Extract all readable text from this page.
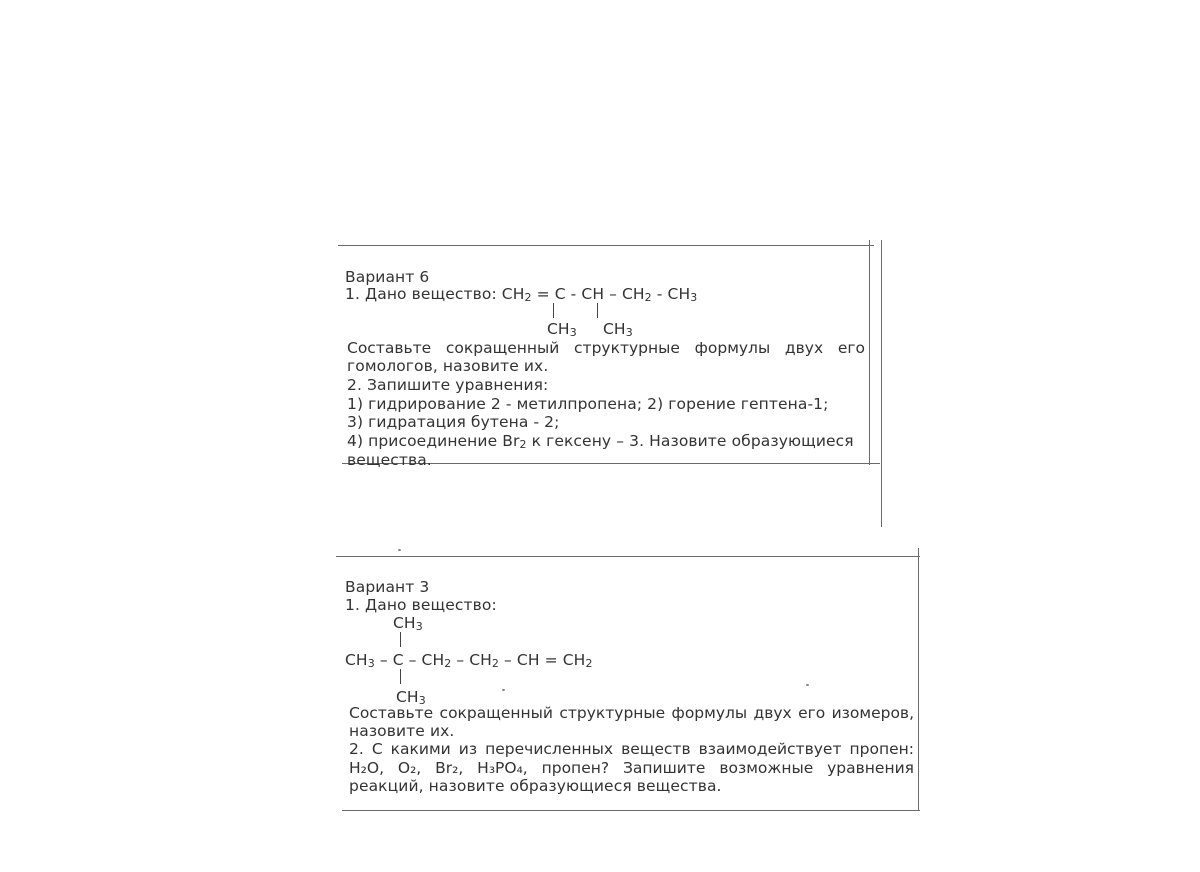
Вариант 6
1. Дано вещество: $CH_2 = C$ - CH – $CH_2 - CH_3$
$CH_3$ $CH_3$
Составьте сокращенный структурные формулы двух его
гомологов, назовите их.
2. Запишите уравнения:
1) гидрирование 2 - метилпропена; 2) горение гептена-1;
3) гидратация бутена - 2;
4) присоединение $Br_2$ к гексену – 3. Назовите образующиеся
вещества.
Вариант 3
1. Дано вещество:
$CH_3$
$CH_3$ – C – $CH_2 - CH_2$ – CH = $CH_2$
$CH_3$
Составьте сокращенный структурные формулы двух его изомеров,
назовите их.
2. С какими из перечисленных веществ взаимодействует пропен:
H₂O, O₂, Br₂, H₃PO₄, пропен? Запишите возможные уравнения
реакций, назовите образующиеся вещества.
